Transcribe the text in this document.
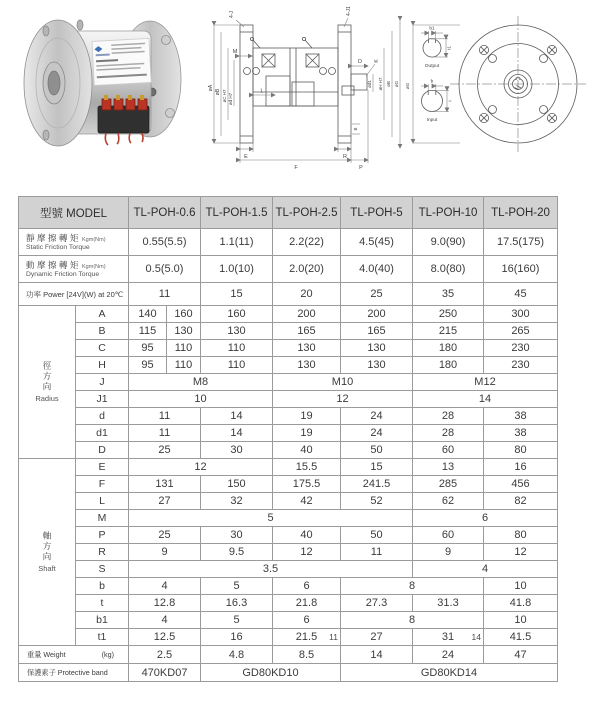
4-J	4-J1
øA
øB øC H7 ød H7
M
L
D K
ød1 øH H7 øB øG
B
E
F
R
P
øG
b1
t1
Output
b
t
Input
型號 MODEL		TL-POH-0.6		TL-POH-1.5	TL-POH-2.5	TL-POH-5	TL-POH-10	TL-POH-20

靜摩擦轉矩Kgm(Nm)
Static Friction Torque		0.55(5.5)		1.1(11)	2.2(22)	4.5(45)	9.0(90)	17.5(175)

動摩擦轉矩Kgm(Nm)
Dynamic Friction Torque		0.5(5.0)		1.0(10)	2.0(20)	4.0(40)	8.0(80)	16(160)

功率 Power [24V](W) at 20℃		11		15	20	25	35	45

徑方向
Radius	A	140	160	160	200	200	250	300
	B	115	130	130	165	165	215	265
	C	95	110	110	130	130	180	230
	H	95	110	110	130	130	180	230
	J	M8			M10		M12	
	J1	10			12		14	
	d	11		14	19	24	28	38
	d1	11		14	19	24	28	38
	D	25		30	40	50	60	80

軸方向
Shaft	E	12			15.5	15	13	16
	F	131		150	175.5	241.5	285	456
	L	27		32	42	52	62	82
	M	5					6	
	P	25		30	40	50	60	80
	R	9		9.5	12	11	9	12
	S	3.5					4	
	b	4		5	6	8		10
	t	12.8		16.3	21.8	27.3	31.3	41.8
	b1	4		5	6	8		10
	t1	12.5		16	21.5 11	27	31 14	41.5

重量 Weight (kg)		2.5		4.8	8.5	14	24	47

保護素子 Protective band		470KD07		GD80KD10		GD80KD14		
